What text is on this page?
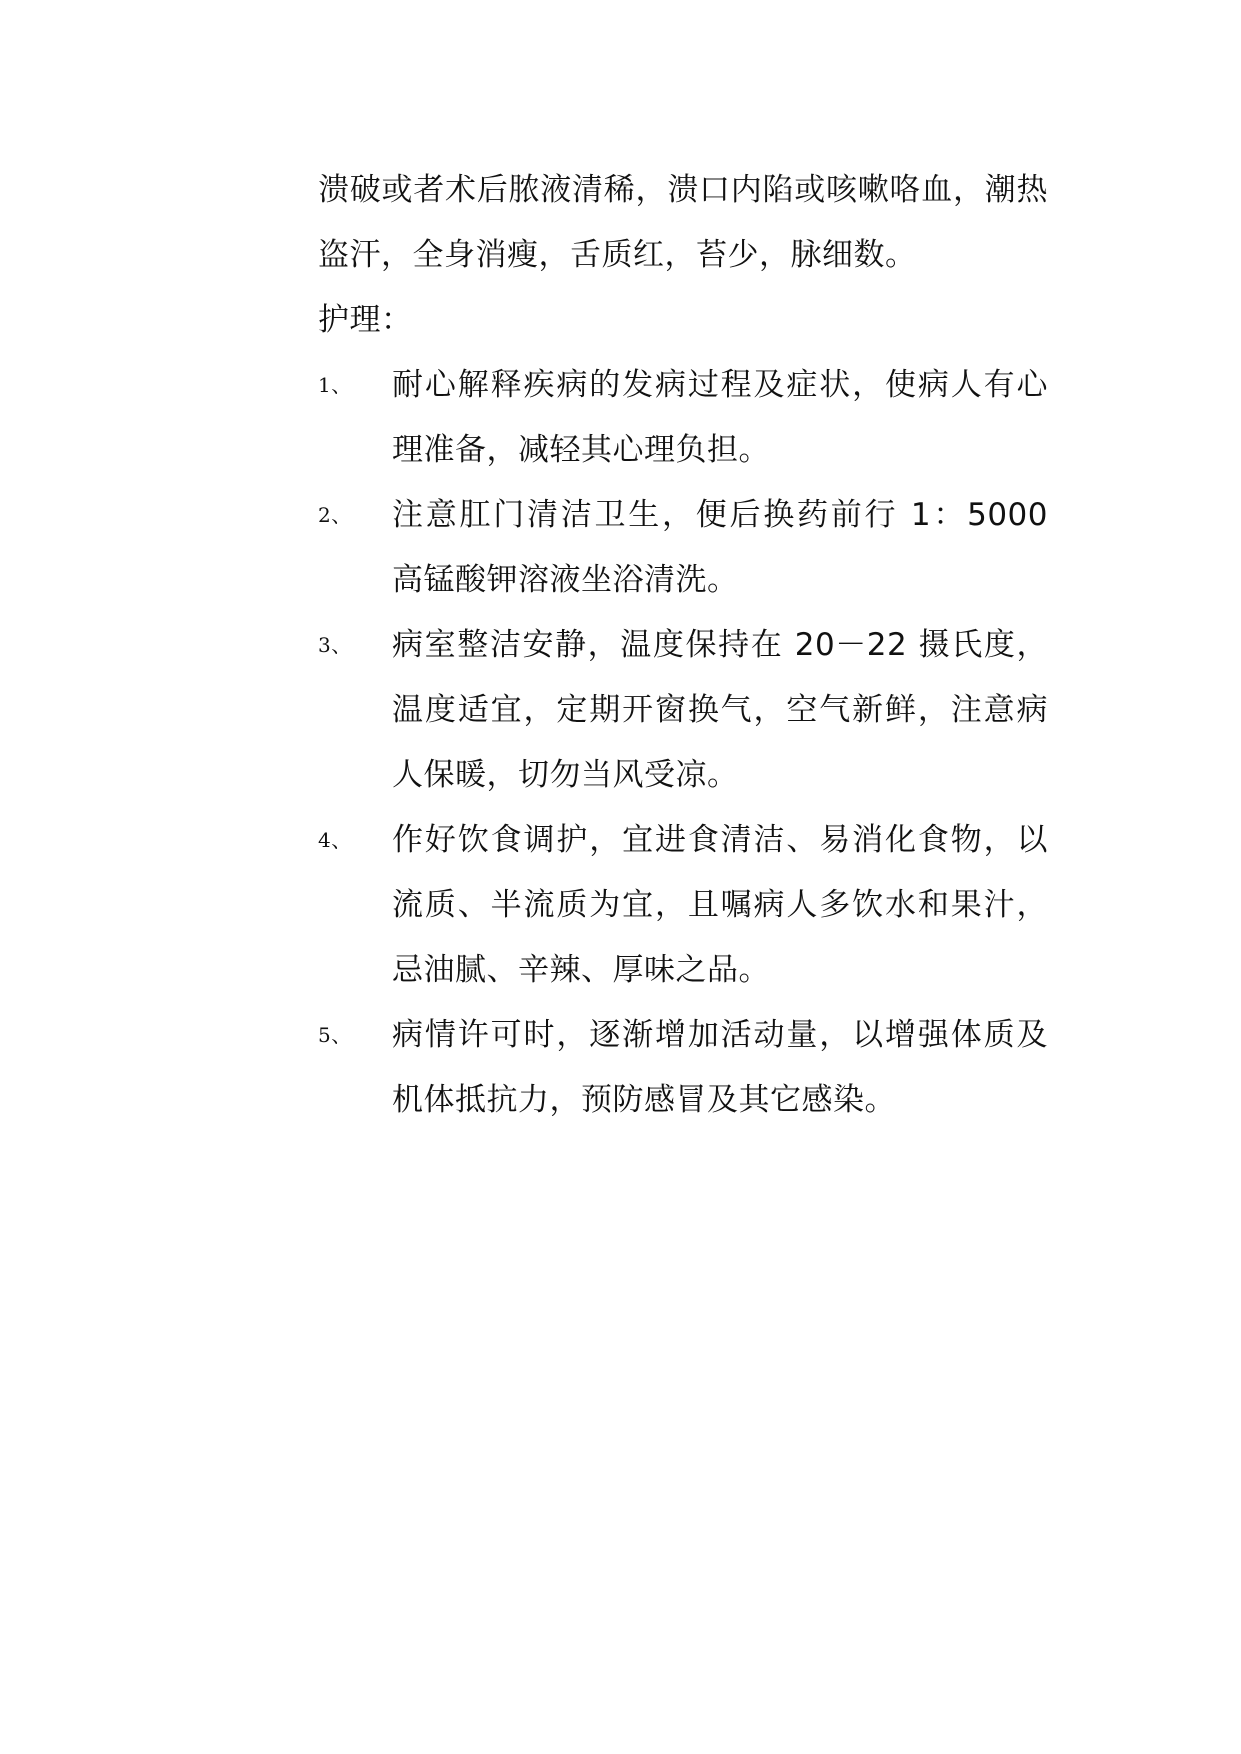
溃破或者术后脓液清稀，溃口内陷或咳嗽咯血，潮热盗汗，全身消瘦，舌质红，苔少，脉细数。

护理：

1、	耐心解释疾病的发病过程及症状，使病人有心理准备，减轻其心理负担。
2、	注意肛门清洁卫生，便后换药前行 1：5000 高锰酸钾溶液坐浴清洗。
3、	病室整洁安静，温度保持在 20－22 摄氏度，温度适宜，定期开窗换气，空气新鲜，注意病人保暖，切勿当风受凉。
4、	作好饮食调护，宜进食清洁、易消化食物，以流质、半流质为宜，且嘱病人多饮水和果汁，忌油腻、辛辣、厚味之品。
5、	病情许可时，逐渐增加活动量，以增强体质及机体抵抗力，预防感冒及其它感染。
